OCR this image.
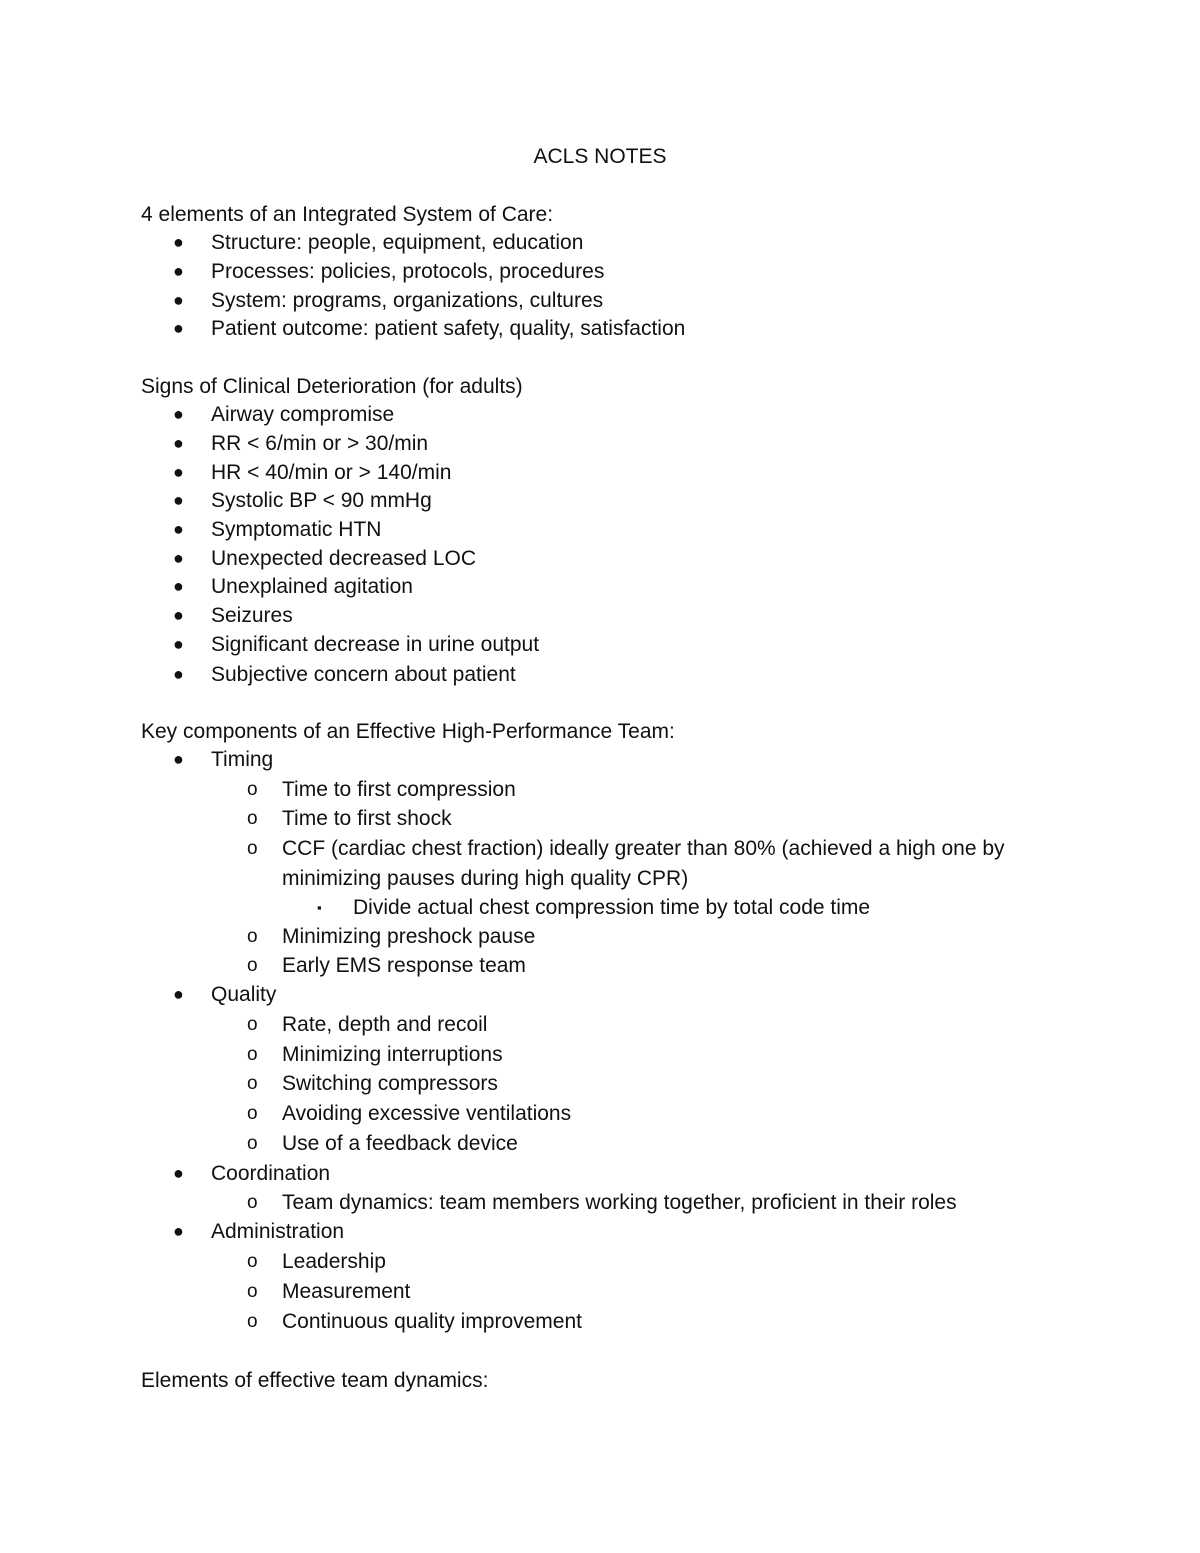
ACLS NOTES

4 elements of an Integrated System of Care:

● Structure: people, equipment, education
● Processes: policies, protocols, procedures
● System: programs, organizations, cultures
● Patient outcome: patient safety, quality, satisfaction

Signs of Clinical Deterioration (for adults)

● Airway compromise
● RR < 6/min or > 30/min
● HR < 40/min or > 140/min
● Systolic BP < 90 mmHg
● Symptomatic HTN
● Unexpected decreased LOC
● Unexplained agitation
● Seizures
● Significant decrease in urine output
● Subjective concern about patient

Key components of an Effective High-Performance Team:

● Timing
o Time to first compression
o Time to first shock
o CCF (cardiac chest fraction) ideally greater than 80% (achieved a high one by minimizing pauses during high quality CPR)
▪ Divide actual chest compression time by total code time
o Minimizing preshock pause
o Early EMS response team
● Quality
o Rate, depth and recoil
o Minimizing interruptions
o Switching compressors
o Avoiding excessive ventilations
o Use of a feedback device
● Coordination
o Team dynamics: team members working together, proficient in their roles
● Administration
o Leadership
o Measurement
o Continuous quality improvement

Elements of effective team dynamics:
